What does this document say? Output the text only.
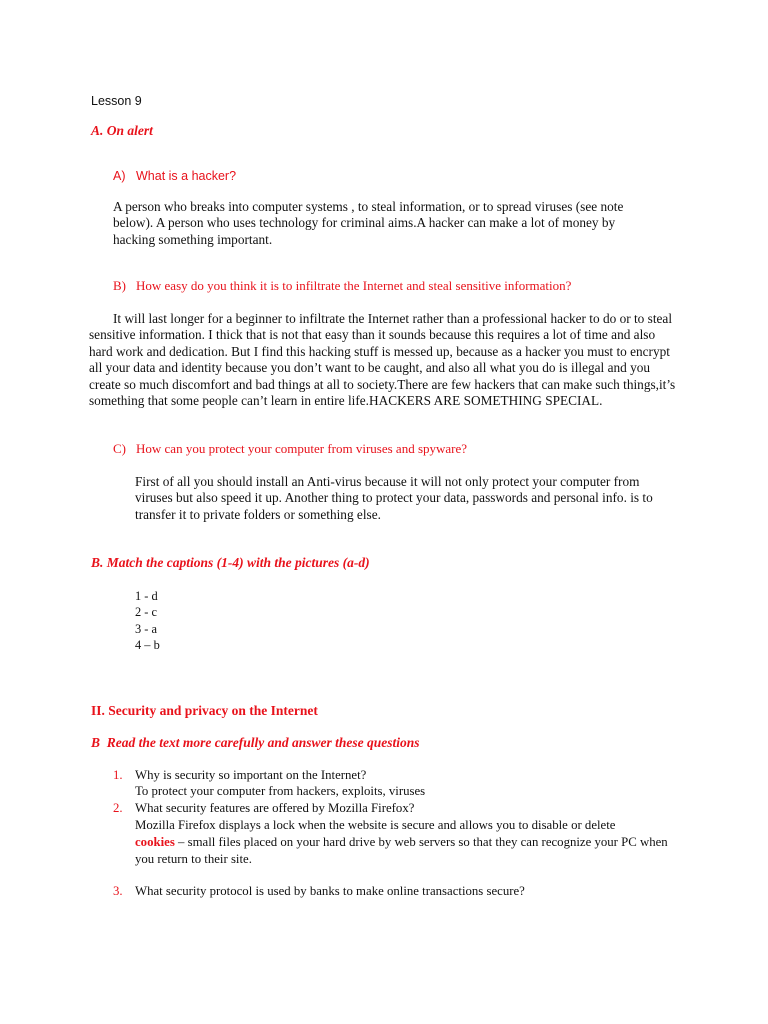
Lesson 9
A. On alert
A) What is a hacker?

A person who breaks into computer systems , to steal information, or to spread viruses (see note below). A person who uses technology for criminal aims.A hacker can make a lot of money by hacking something important.

B) How easy do you think it is to infiltrate the Internet and steal sensitive information?

It will last longer for a beginner to infiltrate the Internet rather than a professional hacker to do or to steal sensitive information. I thick that is not that easy than it sounds because this requires a lot of time and also hard work and dedication. But I find this hacking stuff is messed up, because as a hacker you must to encrypt all your data and identity because you don’t want to be caught, and also all what you do is illegal and you create so much discomfort and bad things at all to society.There are few hackers that can make such things,it’s something that some people can’t learn in entire life.HACKERS ARE SOMETHING SPECIAL.

C) How can you protect your computer from viruses and spyware?

First of all you should install an Anti-virus because it will not only protect your computer from viruses but also speed it up. Another thing to protect your data, passwords and personal info. is to transfer it to private folders or something else.

B. Match the captions (1-4) with the pictures (a-d)
1 - d
2 - c
3 - a
4 – b
II. Security and privacy on the Internet
B  Read the text more carefully and answer these questions
1. Why is security so important on the Internet?
To protect your computer from hackers, exploits, viruses
2. What security features are offered by Mozilla Firefox?
Mozilla Firefox displays a lock when the website is secure and allows you to disable or delete

cookies – small files placed on your hard drive by web servers so that they can recognize your PC when you return to their site.

3. What security protocol is used by banks to make online transactions secure?
